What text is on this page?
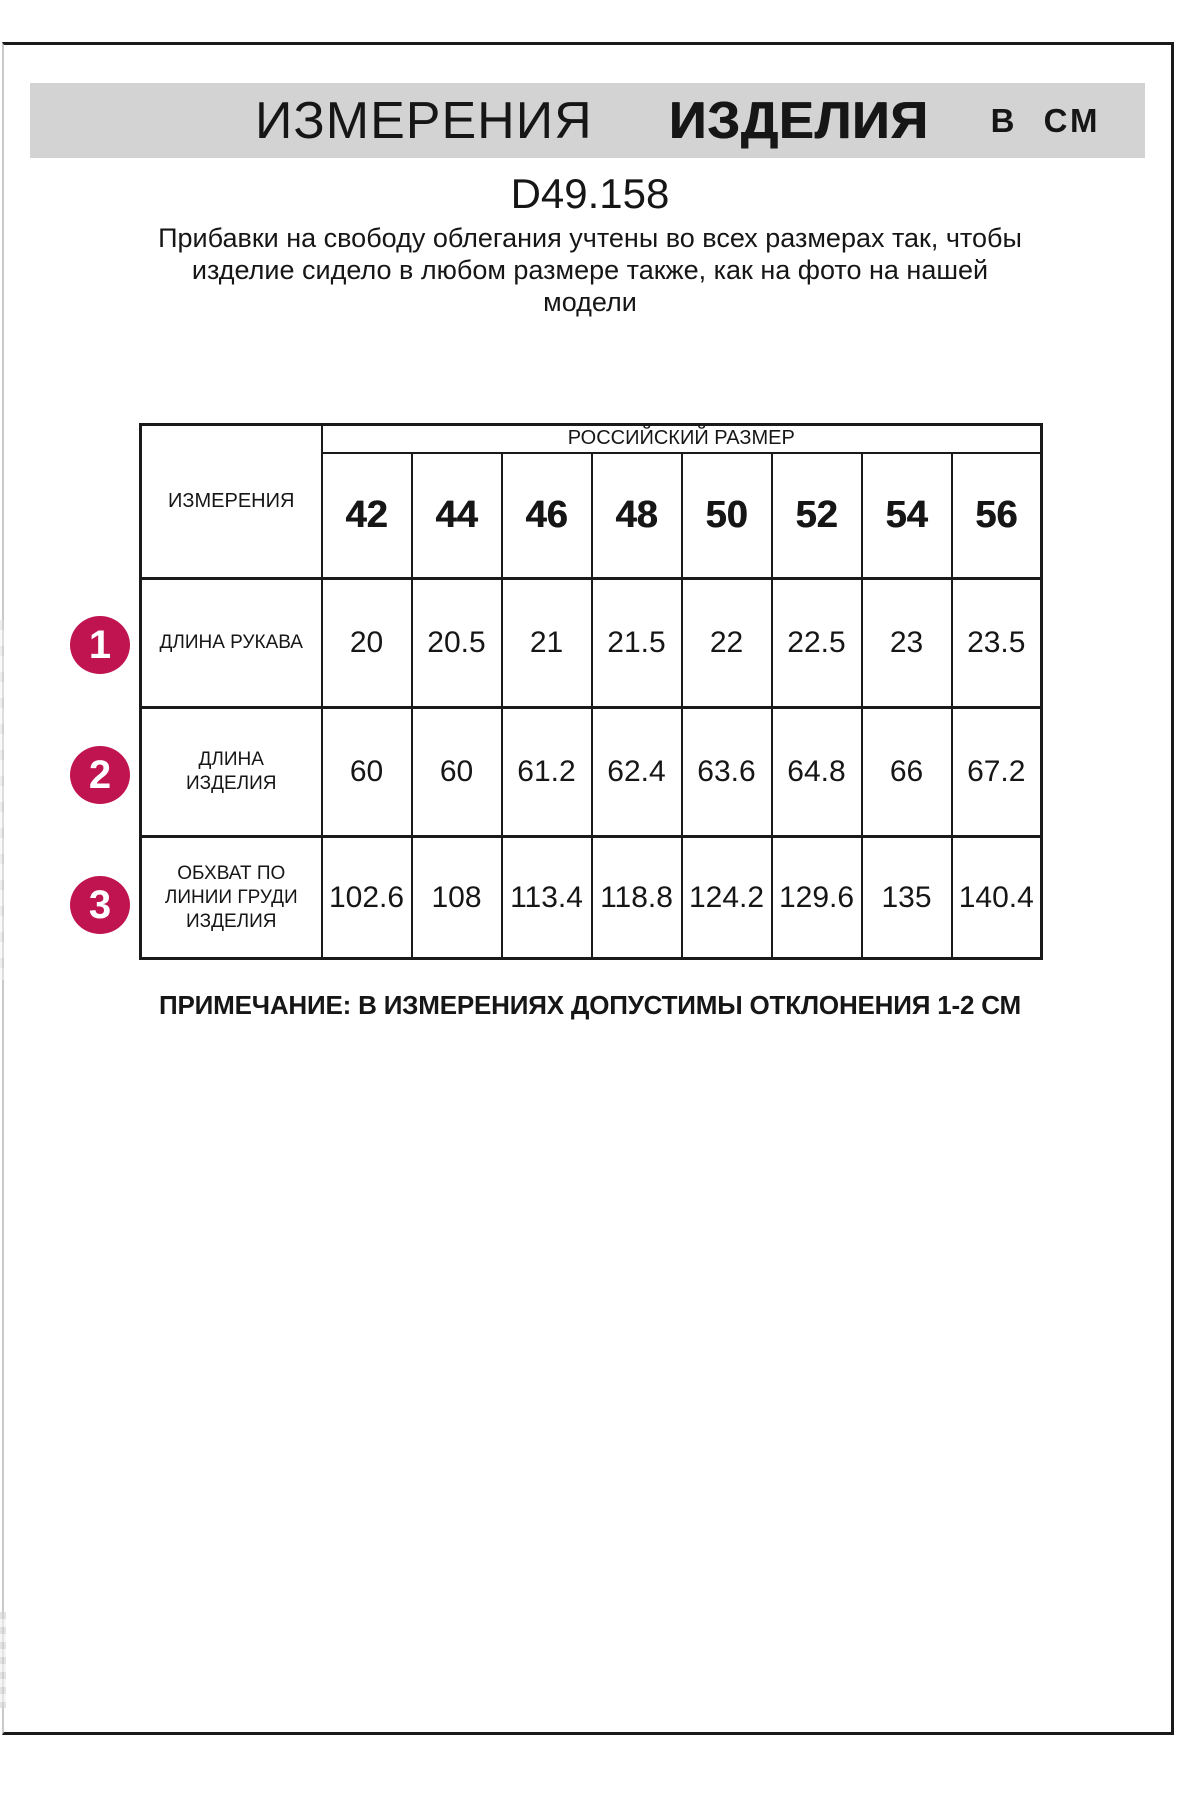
ИЗМЕРЕНИЯ ИЗДЕЛИЯ В СМ
D49.158
Прибавки на свободу облегания учтены во всех размерах так, чтобы
изделие сидело в любом размере также, как на фото на нашей
модели
ИЗМЕРЕНИЯ	РОССИЙСКИЙ РАЗМЕР							
	42	44	46	48	50	52	54	56

ДЛИНА РУКАВА	20	20.5	21	21.5	22	22.5	23	23.5

ДЛИНА
ИЗДЕЛИЯ	60	60	61.2	62.4	63.6	64.8	66	67.2

ОБХВАТ ПО
ЛИНИИ ГРУДИ
ИЗДЕЛИЯ	102.6	108	113.4	118.8	124.2	129.6	135	140.4
1
2
3
ПРИМЕЧАНИЕ: В ИЗМЕРЕНИЯХ ДОПУСТИМЫ ОТКЛОНЕНИЯ 1-2 СМ
